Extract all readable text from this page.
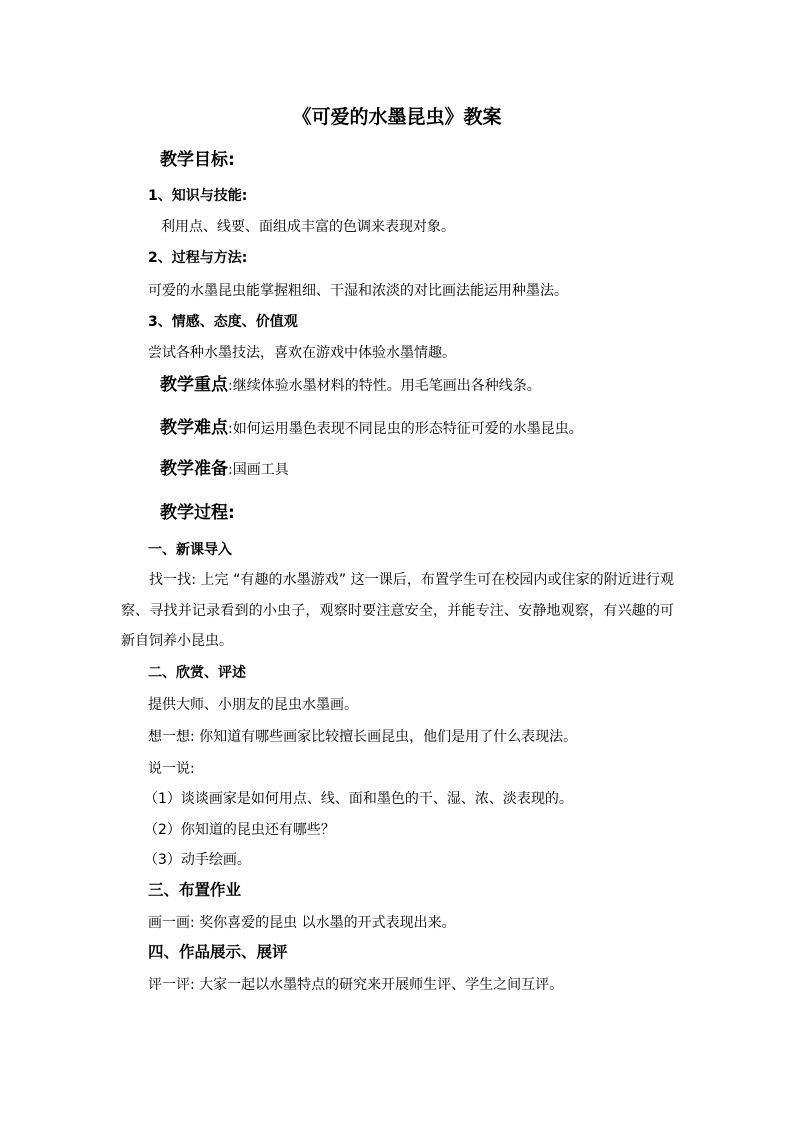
《可爱的水墨昆虫》教案
教学目标:
1、知识与技能:
利用点、线要、面组成丰富的色调来表现对象。
2、过程与方法:
可爱的水墨昆虫能掌握粗细、干湿和浓淡的对比画法能运用种墨法。
3、情感、态度、价值观
尝试各种水墨技法，喜欢在游戏中体验水墨情趣。
教学重点:继续体验水墨材料的特性。用毛笔画出各种线条。
教学难点:如何运用墨色表现不同昆虫的形态特征可爱的水墨昆虫。
教学准备:国画工具
教学过程:
一、新课导入
找一找: 上完 “有趣的水墨游戏” 这一课后，布置学生可在校园内或住家的附近进行观察、寻找并记录看到的小虫子，观察时要注意安全，并能专注、安静地观察，有兴趣的可新自饲养小昆虫。
二、欣赏、评述
提供大师、小朋友的昆虫水墨画。
想一想: 你知道有哪些画家比较擅长画昆虫，他们是用了什么表现法。
说一说:
（1）谈谈画家是如何用点、线、面和墨色的干、湿、浓、淡表现的。
（2）你知道的昆虫还有哪些？
（3）动手绘画。
三、布置作业
画一画: 奖你喜爱的昆虫 以水墨的开式表现出来。
四、作品展示、展评
评一评: 大家一起以水墨特点的研究来开展师生评、学生之间互评。
